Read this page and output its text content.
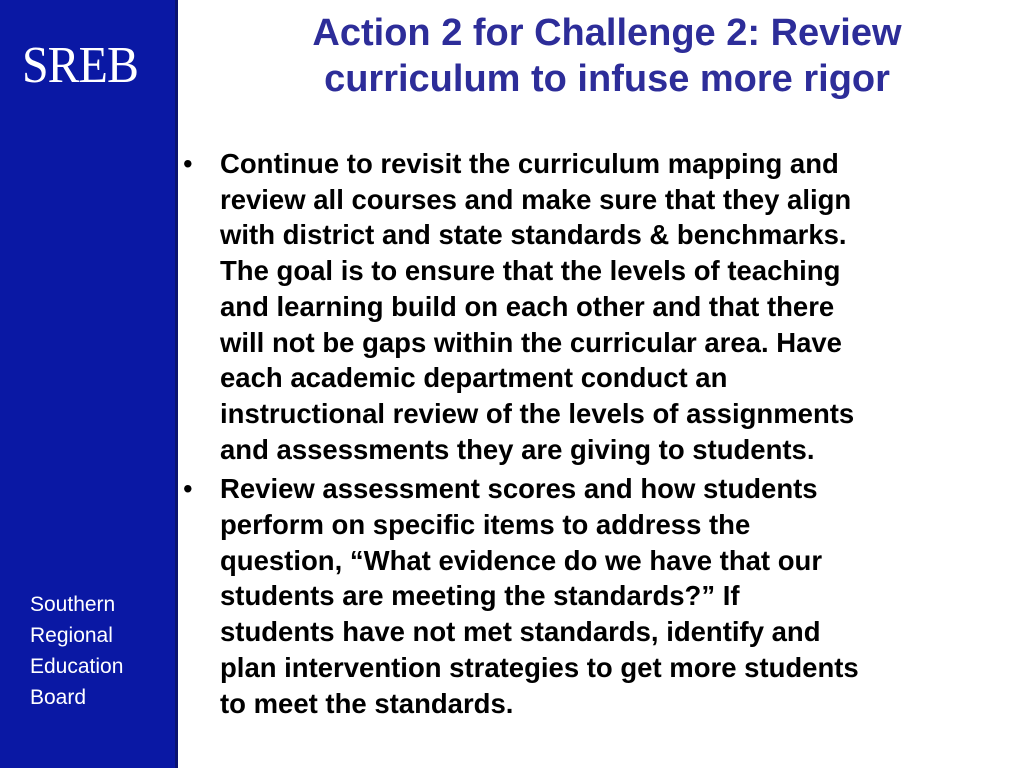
SREB
Southern
Regional
Education
Board
Action 2 for Challenge 2: Review
curriculum to infuse more rigor
• Continue to revisit the curriculum mapping and
review all courses and make sure that they align
with district and state standards & benchmarks.
The goal is to ensure that the levels of teaching
and learning build on each other and that there
will not be gaps within the curricular area. Have
each academic department conduct an
instructional review of the levels of assignments
and assessments they are giving to students.
• Review assessment scores and how students
perform on specific items to address the
question, “What evidence do we have that our
students are meeting the standards?” If
students have not met standards, identify and
plan intervention strategies to get more students
to meet the standards.
